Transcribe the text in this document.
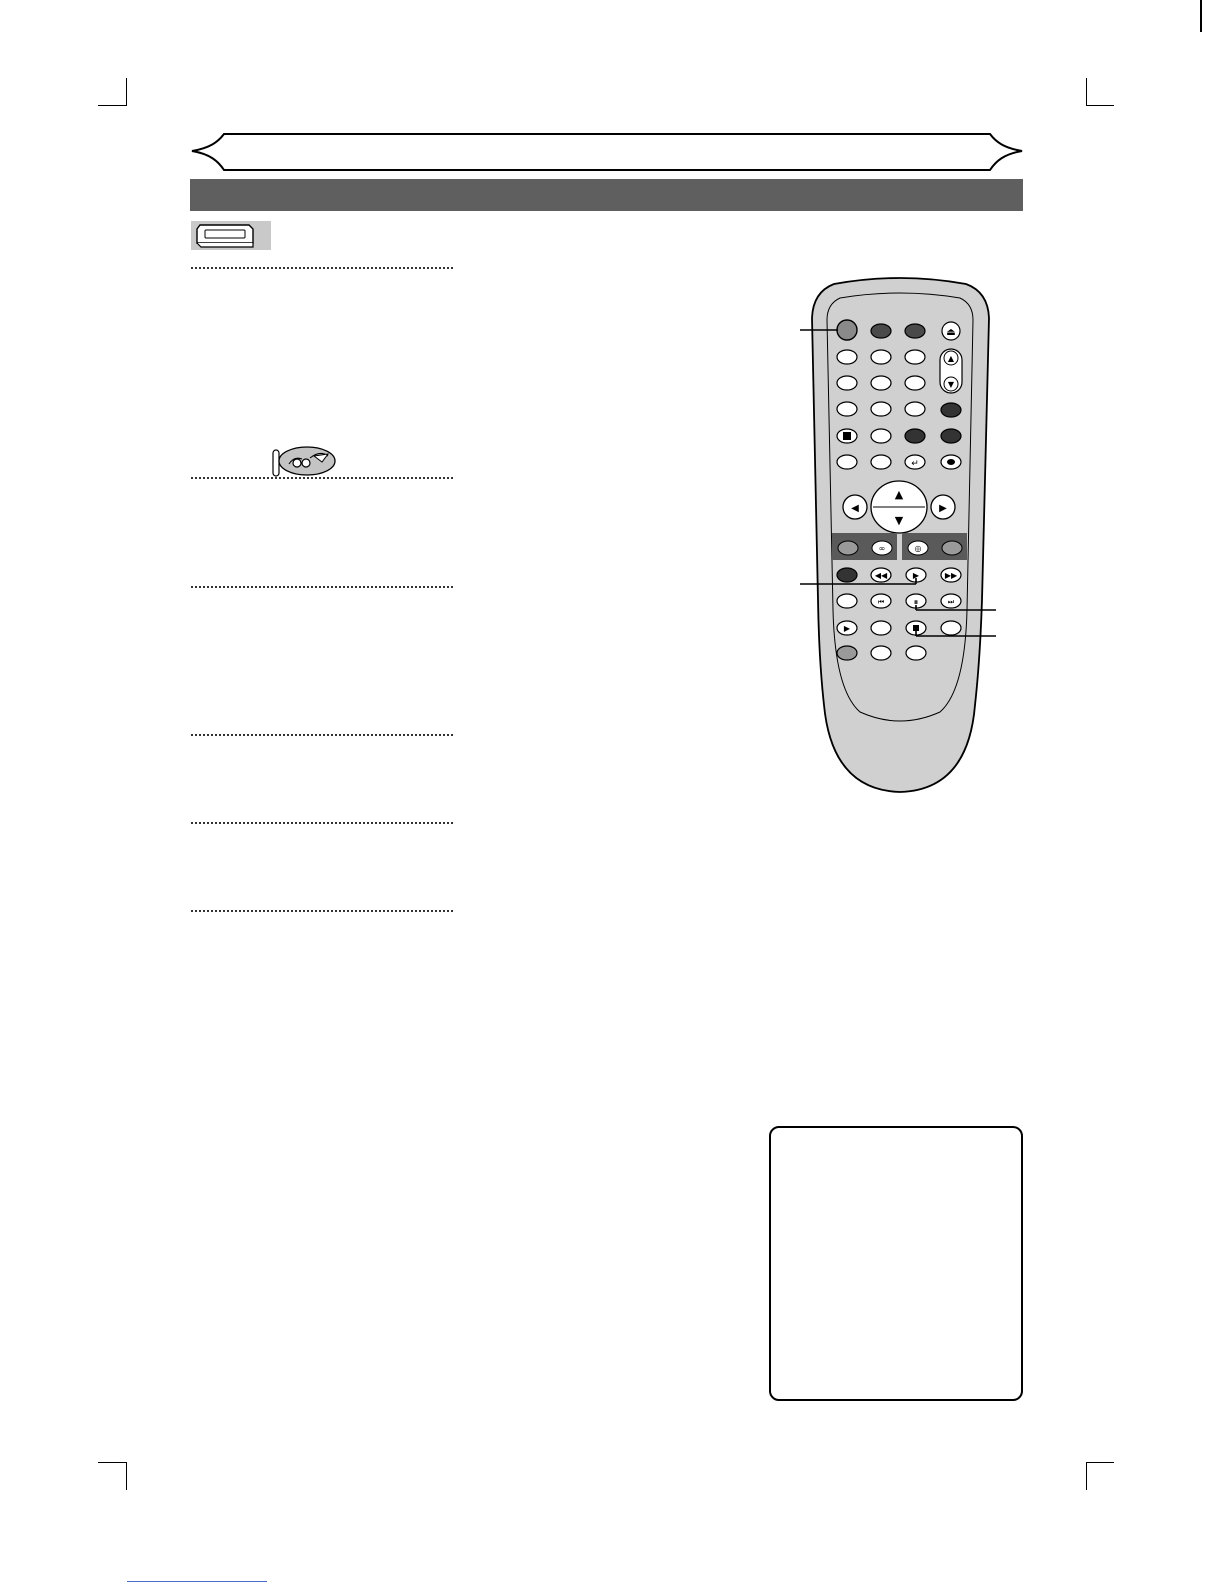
⏏
▲
▼
↵
▲
▼
◀	▶
∞	◎
◀◀	▶	▶▶
⏮	⏸	⏭
▶
